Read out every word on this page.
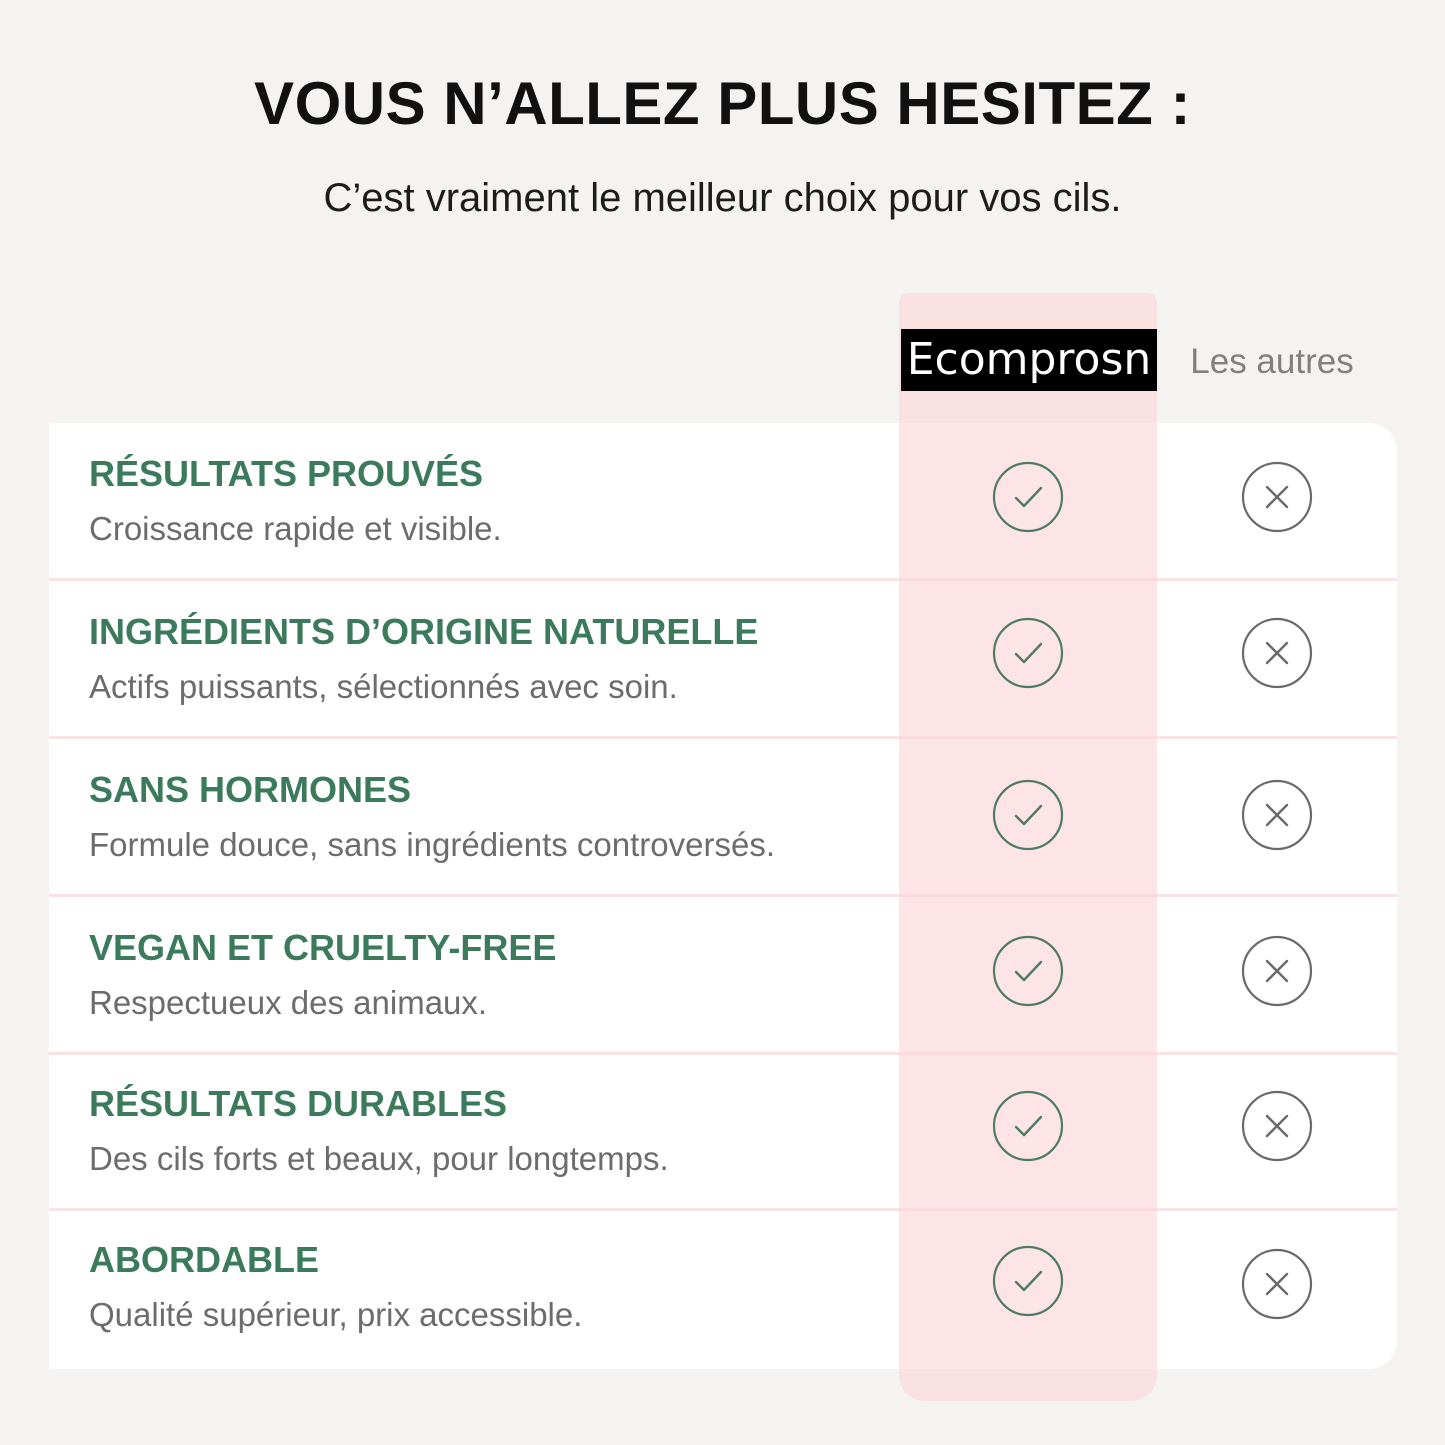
VOUS N’ALLEZ PLUS HESITEZ :

C’est vraiment le meilleur choix pour vos cils.

RÉSULTATS PROUVÉS

Croissance rapide et visible.

INGRÉDIENTS D’ORIGINE NATURELLE

Actifs puissants, sélectionnés avec soin.

SANS HORMONES

Formule douce, sans ingrédients controversés.

VEGAN ET CRUELTY-FREE

Respectueux des animaux.

RÉSULTATS DURABLES

Des cils forts et beaux, pour longtemps.

ABORDABLE

Qualité supérieur, prix accessible.

Ecomprosn	Les autres
